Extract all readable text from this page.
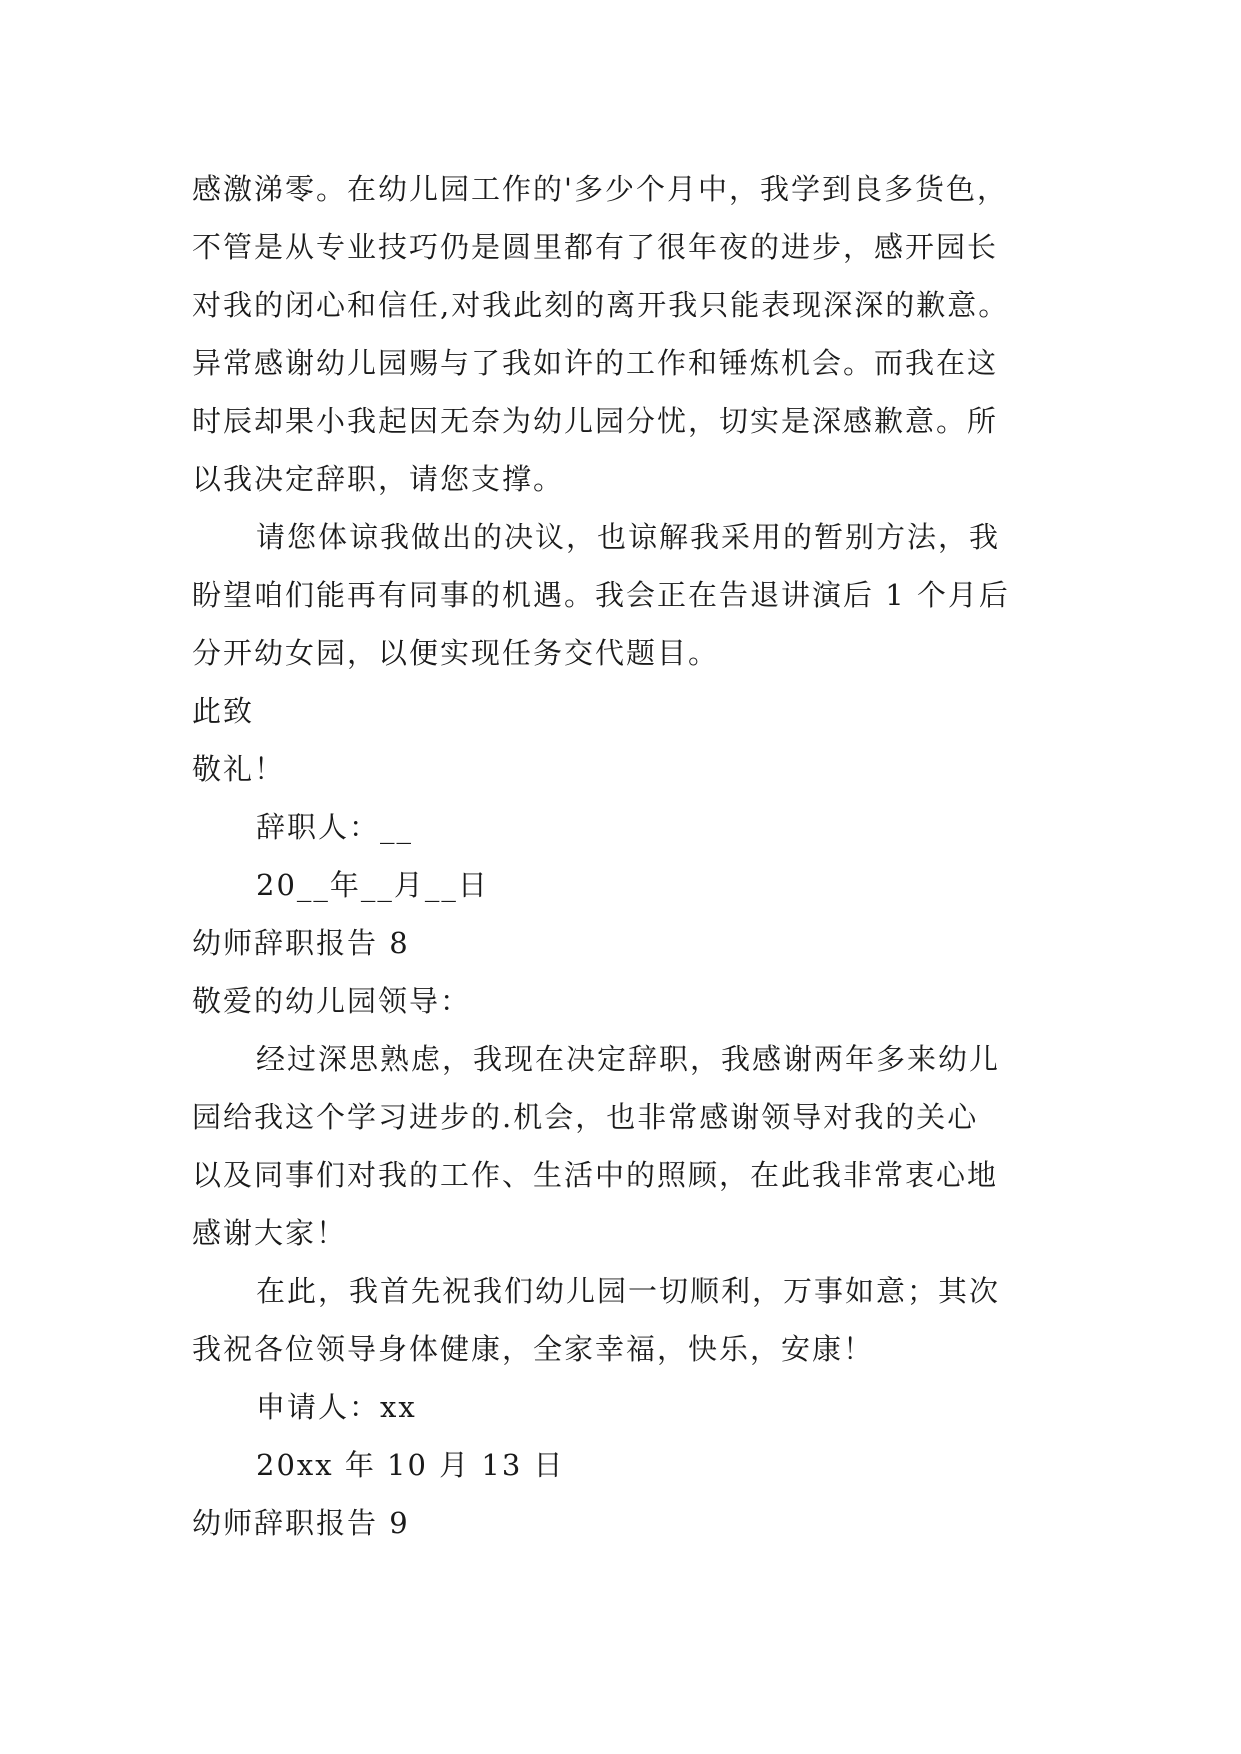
感激涕零。在幼儿园工作的'多少个月中，我学到良多货色，
不管是从专业技巧仍是圆里都有了很年夜的进步，感开园长
对我的闭心和信任,对我此刻的离开我只能表现深深的歉意。
异常感谢幼儿园赐与了我如许的工作和锤炼机会。而我在这
时辰却果小我起因无奈为幼儿园分忧，切实是深感歉意。所
以我决定辞职，请您支撑。
请您体谅我做出的决议，也谅解我采用的暂别方法，我
盼望咱们能再有同事的机遇。我会正在告退讲演后 1 个月后
分开幼女园，以便实现任务交代题目。
此致
敬礼！
辞职人：__
20__年__月__日
幼师辞职报告 8
敬爱的幼儿园领导：
经过深思熟虑，我现在决定辞职，我感谢两年多来幼儿
园给我这个学习进步的.机会，也非常感谢领导对我的关心
以及同事们对我的工作、生活中的照顾，在此我非常衷心地
感谢大家！
在此，我首先祝我们幼儿园一切顺利，万事如意；其次
我祝各位领导身体健康，全家幸福，快乐，安康！
申请人：xx
20xx 年 10 月 13 日
幼师辞职报告 9
